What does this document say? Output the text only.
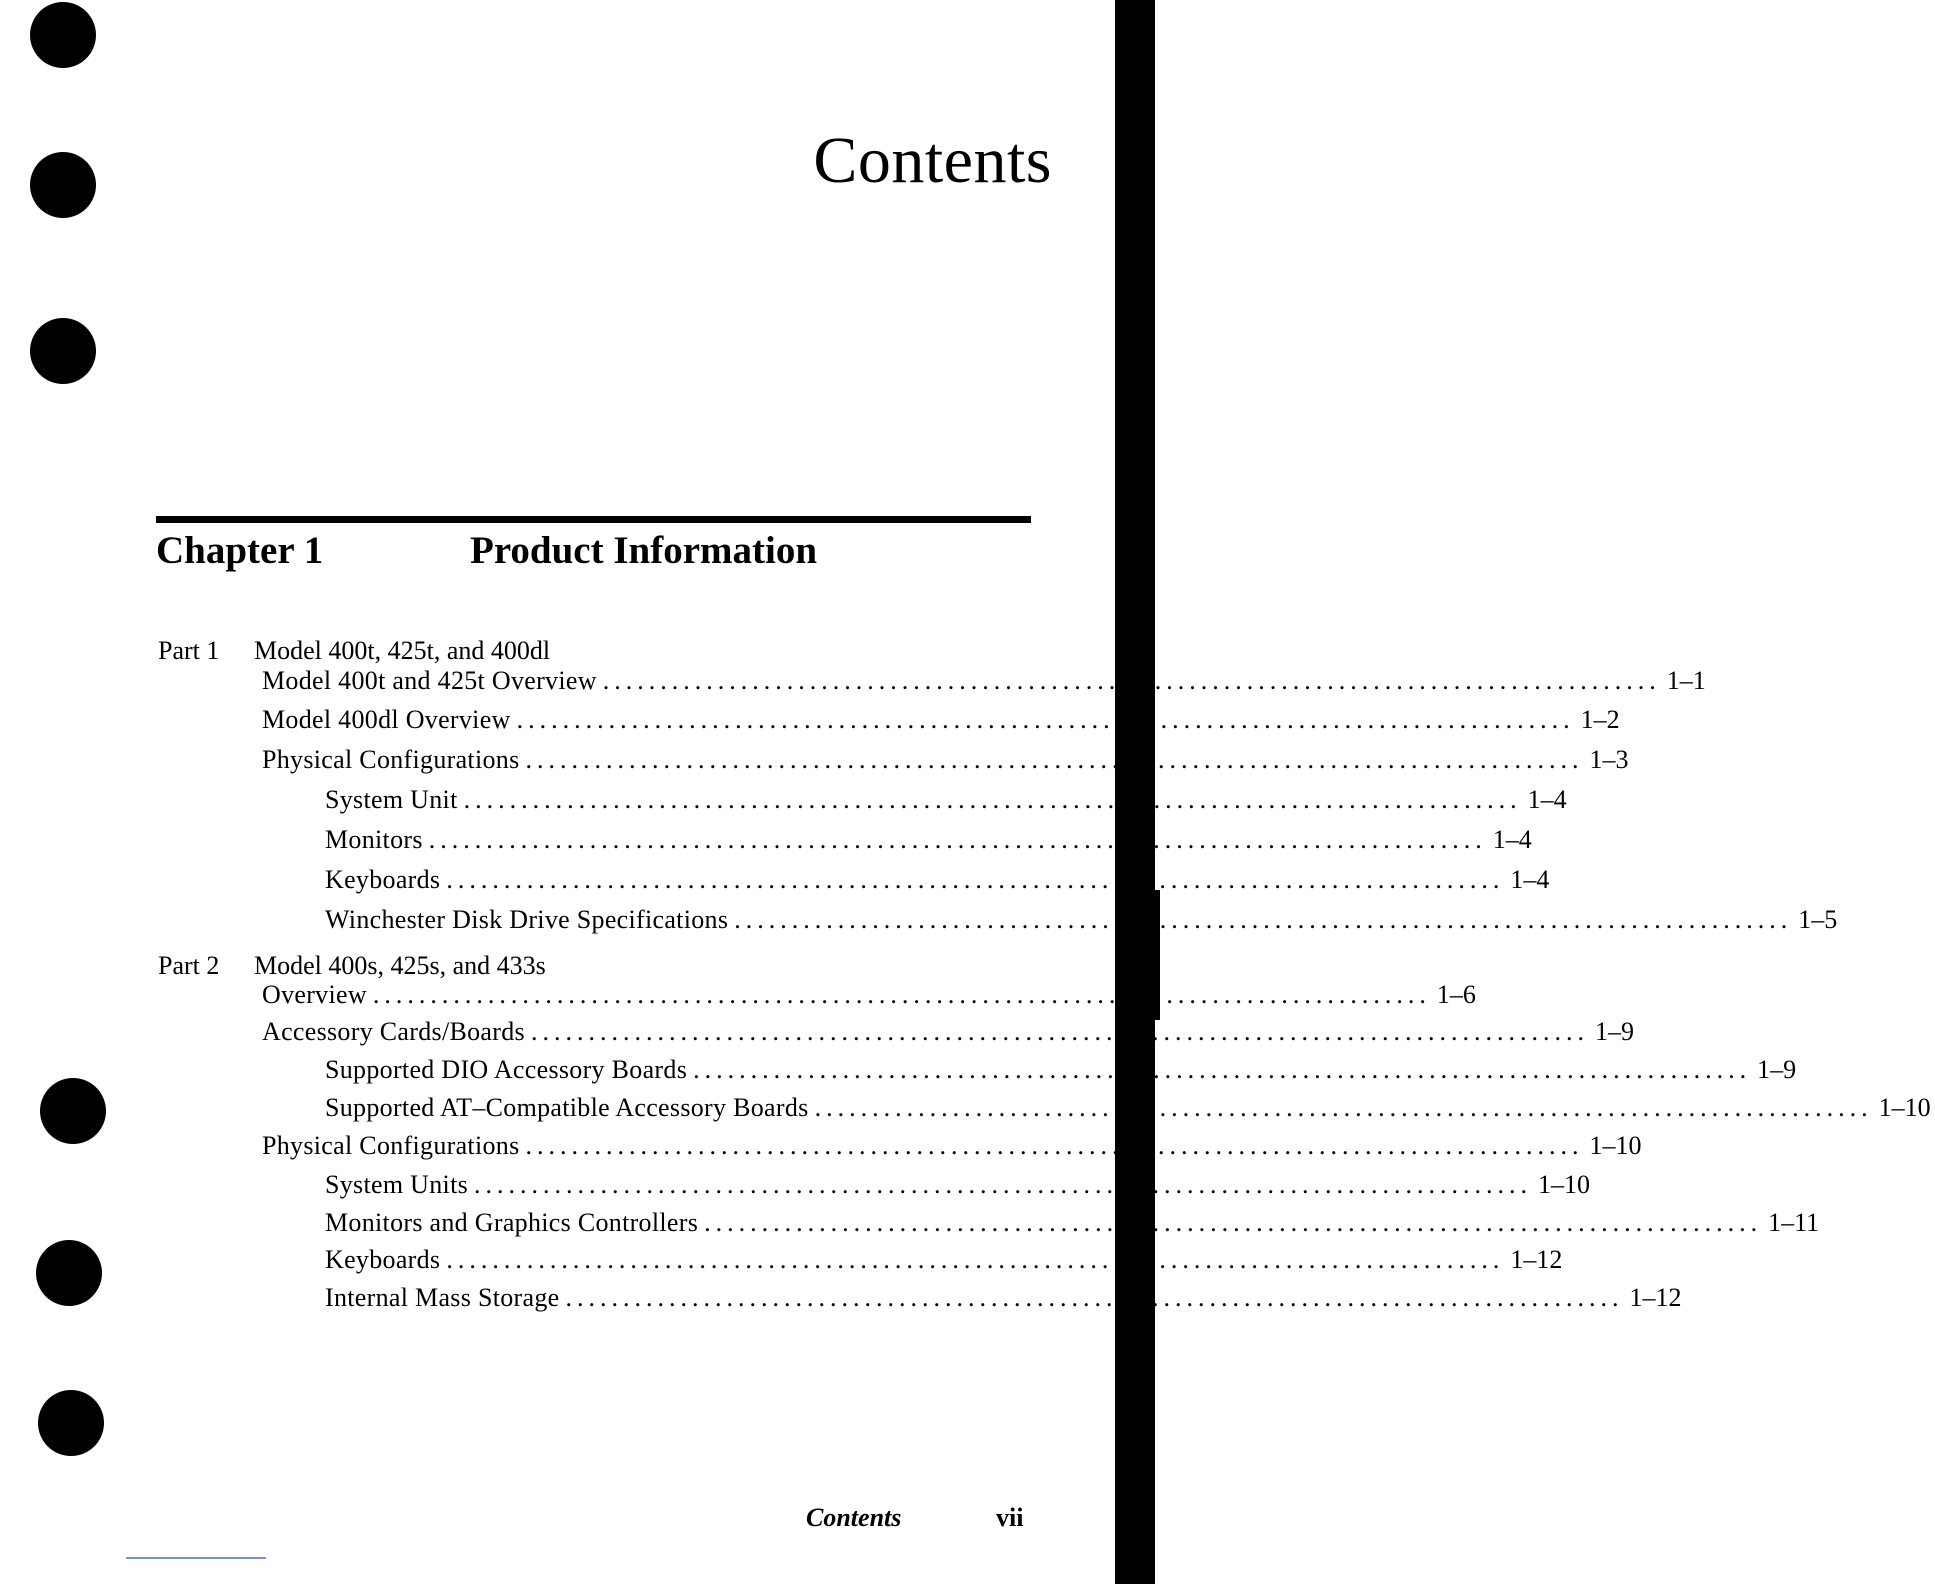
Contents
Chapter 1	Product Information
Part 1 Model 400t, 425t, and 400dl
Model 400t and 425t Overview ............................................................................................ 1–1
Model 400dl Overview ............................................................................................ 1–2
Physical Configurations ............................................................................................ 1–3
System Unit ............................................................................................ 1–4
Monitors ............................................................................................ 1–4
Keyboards ............................................................................................ 1–4
Winchester Disk Drive Specifications ............................................................................................ 1–5
Part 2 Model 400s, 425s, and 433s
Overview ............................................................................................ 1–6
Accessory Cards/Boards ............................................................................................ 1–9
Supported DIO Accessory Boards ............................................................................................ 1–9
Supported AT–Compatible Accessory Boards ............................................................................................ 1–10
Physical Configurations ............................................................................................ 1–10
System Units ............................................................................................ 1–10
Monitors and Graphics Controllers ............................................................................................ 1–11
Keyboards ............................................................................................ 1–12
Internal Mass Storage ............................................................................................ 1–12
Contents	vii
